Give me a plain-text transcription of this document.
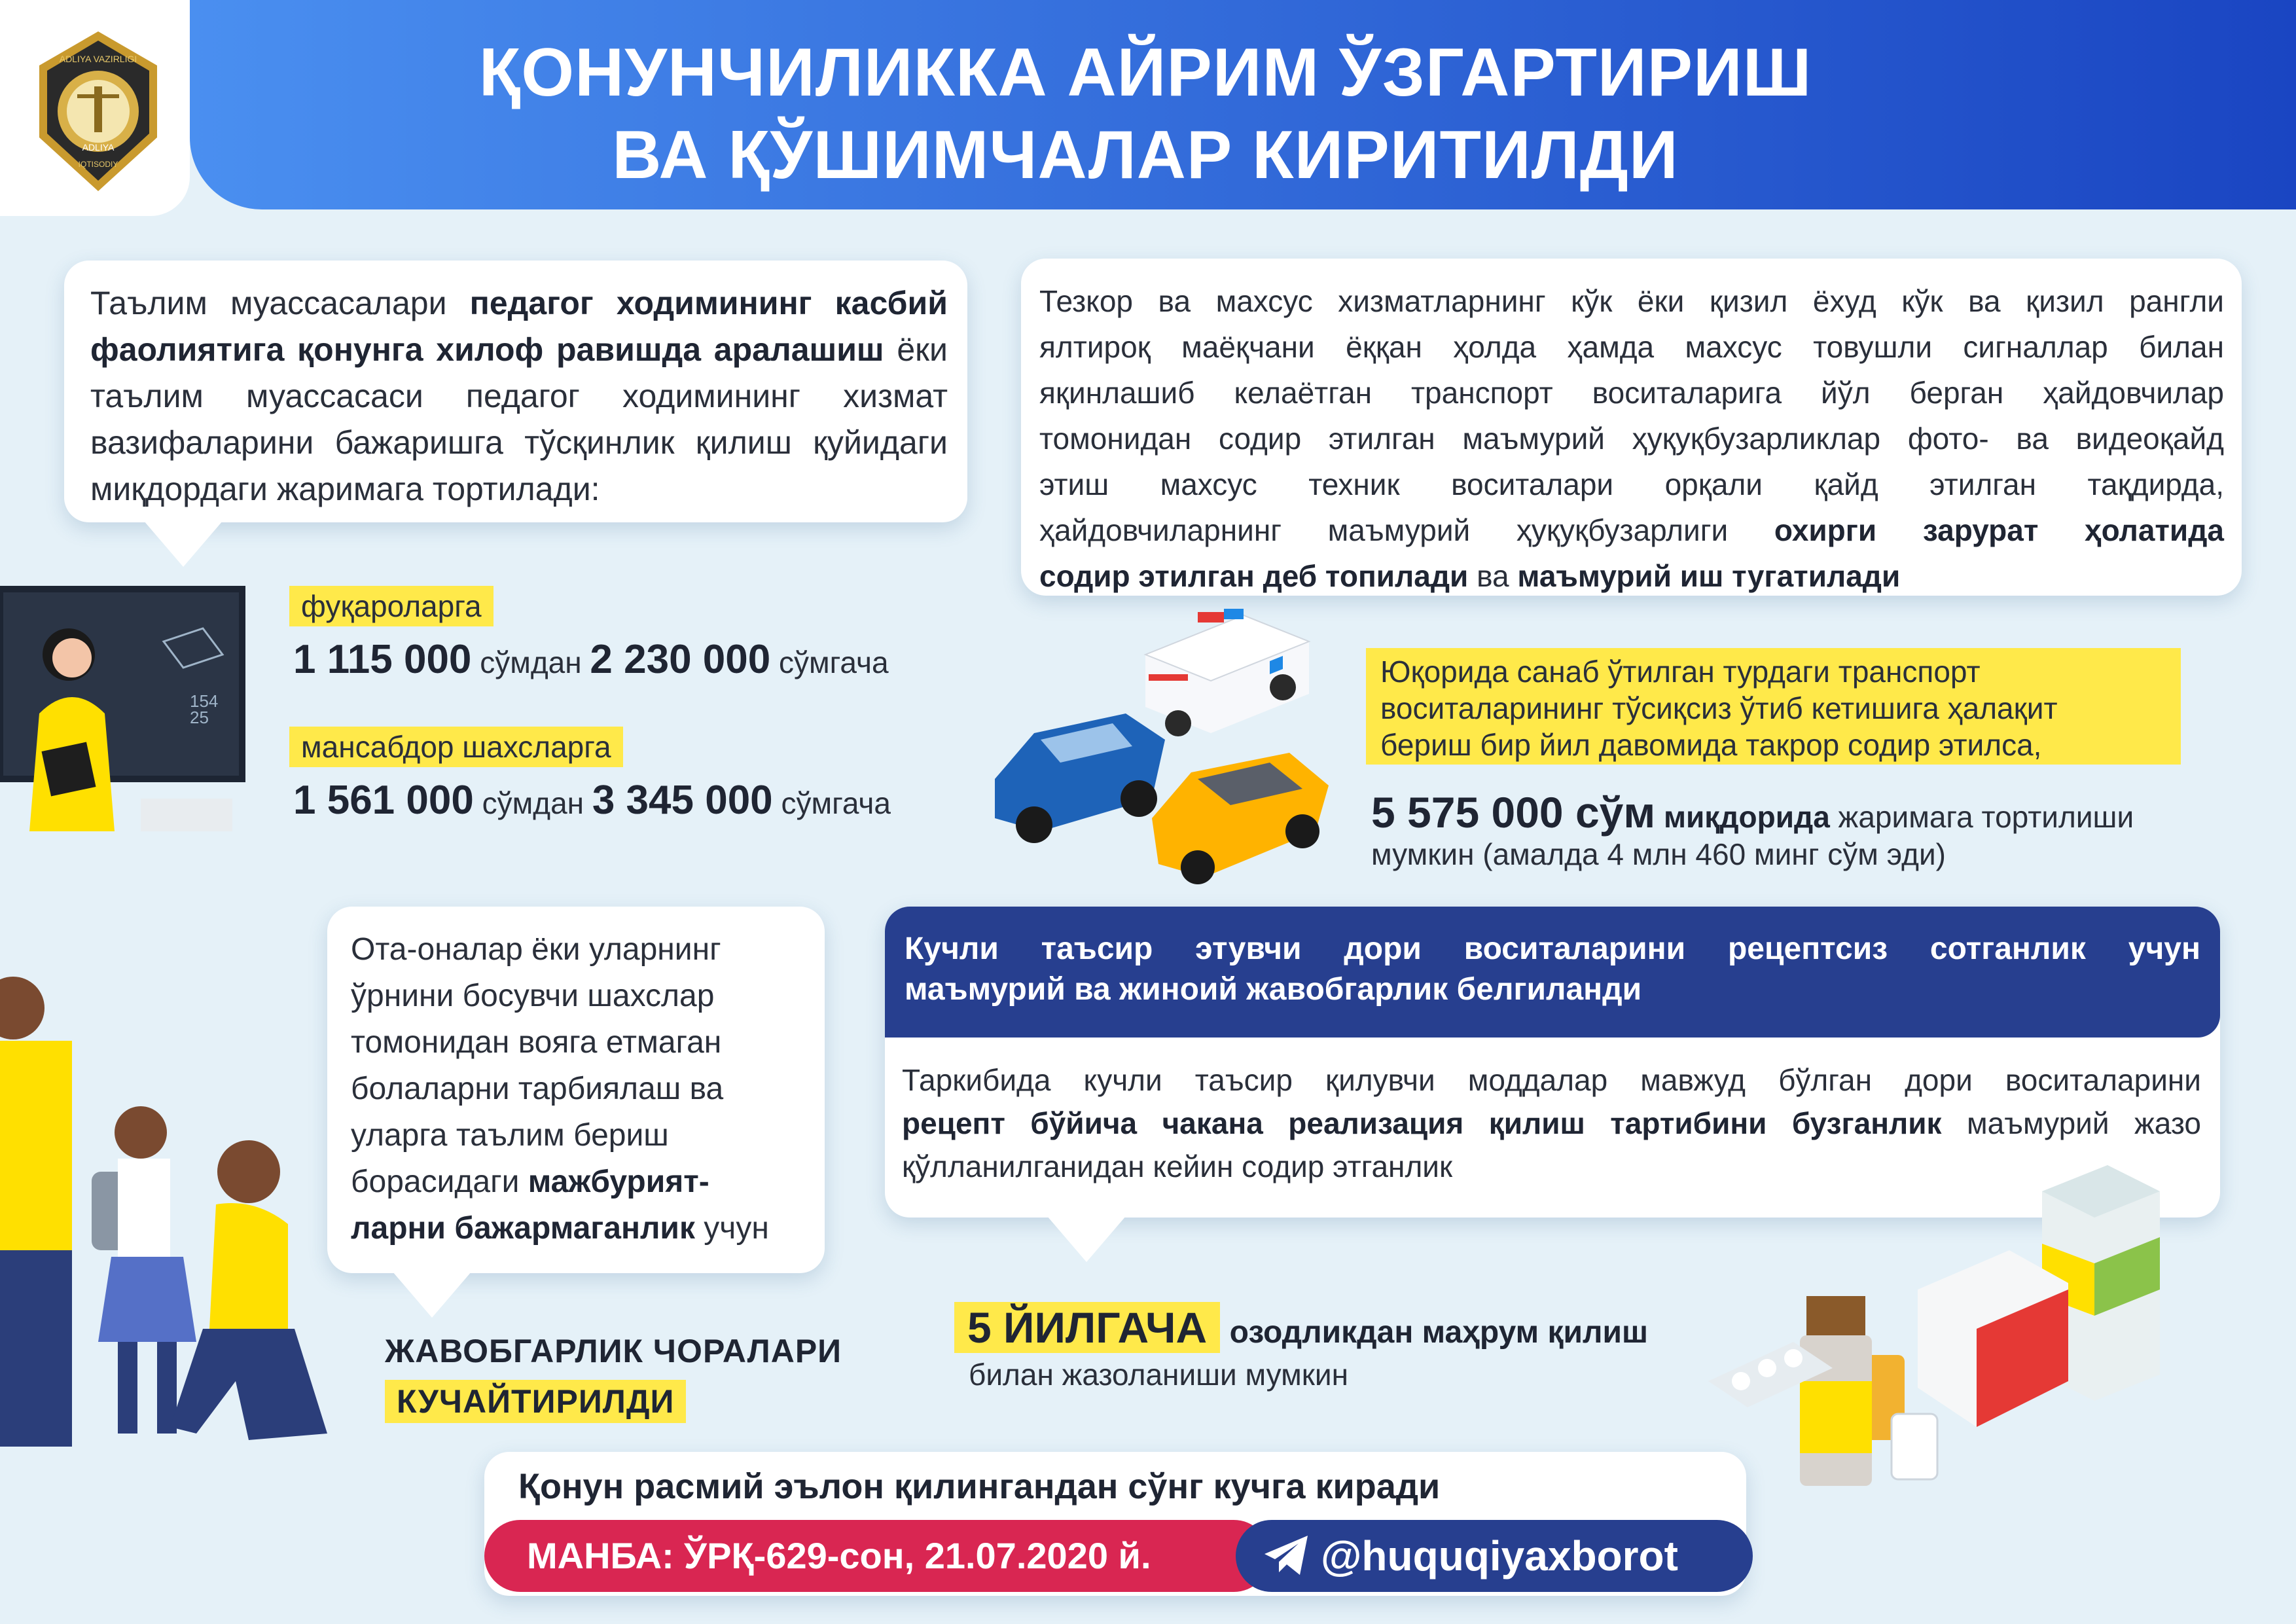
ҚОНУНЧИЛИККА АЙРИМ ЎЗГАРТИРИШ
ВА ҚЎШИМЧАЛАР КИРИТИЛДИ
ADLIYA VAZIRLIGI
ADLIYA
IQTISODIY
Таълим муассасалари педагог ходимининг касбий
фаолиятига қонунга хилоф равишда аралашиш ёки
таълим муассасаси педагог ходимининг хизмат
вазифаларини бажаришга тўсқинлик қилиш қуйидаги
миқдордаги жаримага тортилади:
154
25
фуқароларга
1 115 000 сўмдан 2 230 000 сўмгача
мансабдор шахсларга
1 561 000 сўмдан 3 345 000 сўмгача
Тезкор ва махсус хизматларнинг кўк ёки қизил ёхуд кўк ва қизил рангли
ялтироқ маёқчани ёққан ҳолда ҳамда махсус товушли сигналлар билан
яқинлашиб келаётган транспорт воситаларига йўл берган ҳайдовчилар
томонидан содир этилган маъмурий ҳуқуқбузарликлар фото- ва видеоқайд
этиш махсус техник воситалари орқали қайд этилган тақдирда,
ҳайдовчиларнинг маъмурий ҳуқуқбузарлиги охирги зарурат ҳолатида
содир этилган деб топилади ва маъмурий иш тугатилади
Юқорида санаб ўтилган турдаги транспорт
воситаларининг тўсиқсиз ўтиб кетишига ҳалақит
бериш бир йил давомида такрор содир этилса,
5 575 000 сўм миқдорида жаримага тортилиши
мумкин (амалда 4 млн 460 минг сўм эди)
Ота-оналар ёки уларнинг
ўрнини босувчи шахслар
томонидан вояга етмаган
болаларни тарбиялаш ва
уларга таълим бериш
борасидаги мажбурият-
ларни бажармаганлик учун
ЖАВОБГАРЛИК ЧОРАЛАРИ
КУЧАЙТИРИЛДИ
Кучли таъсир этувчи дори воситаларини рецептсиз сотганлик учун
маъмурий ва жиноий жавобгарлик белгиланди
Таркибида кучли таъсир қилувчи моддалар мавжуд бўлган дори воситаларини
рецепт бўйича чакана реализация қилиш тартибини бузганлик маъмурий жазо
қўлланилганидан кейин содир этганлик
5 ЙИЛГАЧА озодликдан маҳрум қилиш
билан жазоланиши мумкин
Қонун расмий эълон қилингандан сўнг кучга киради
МАНБА: ЎРҚ-629-сон, 21.07.2020 й.	@huquqiyaxborot
